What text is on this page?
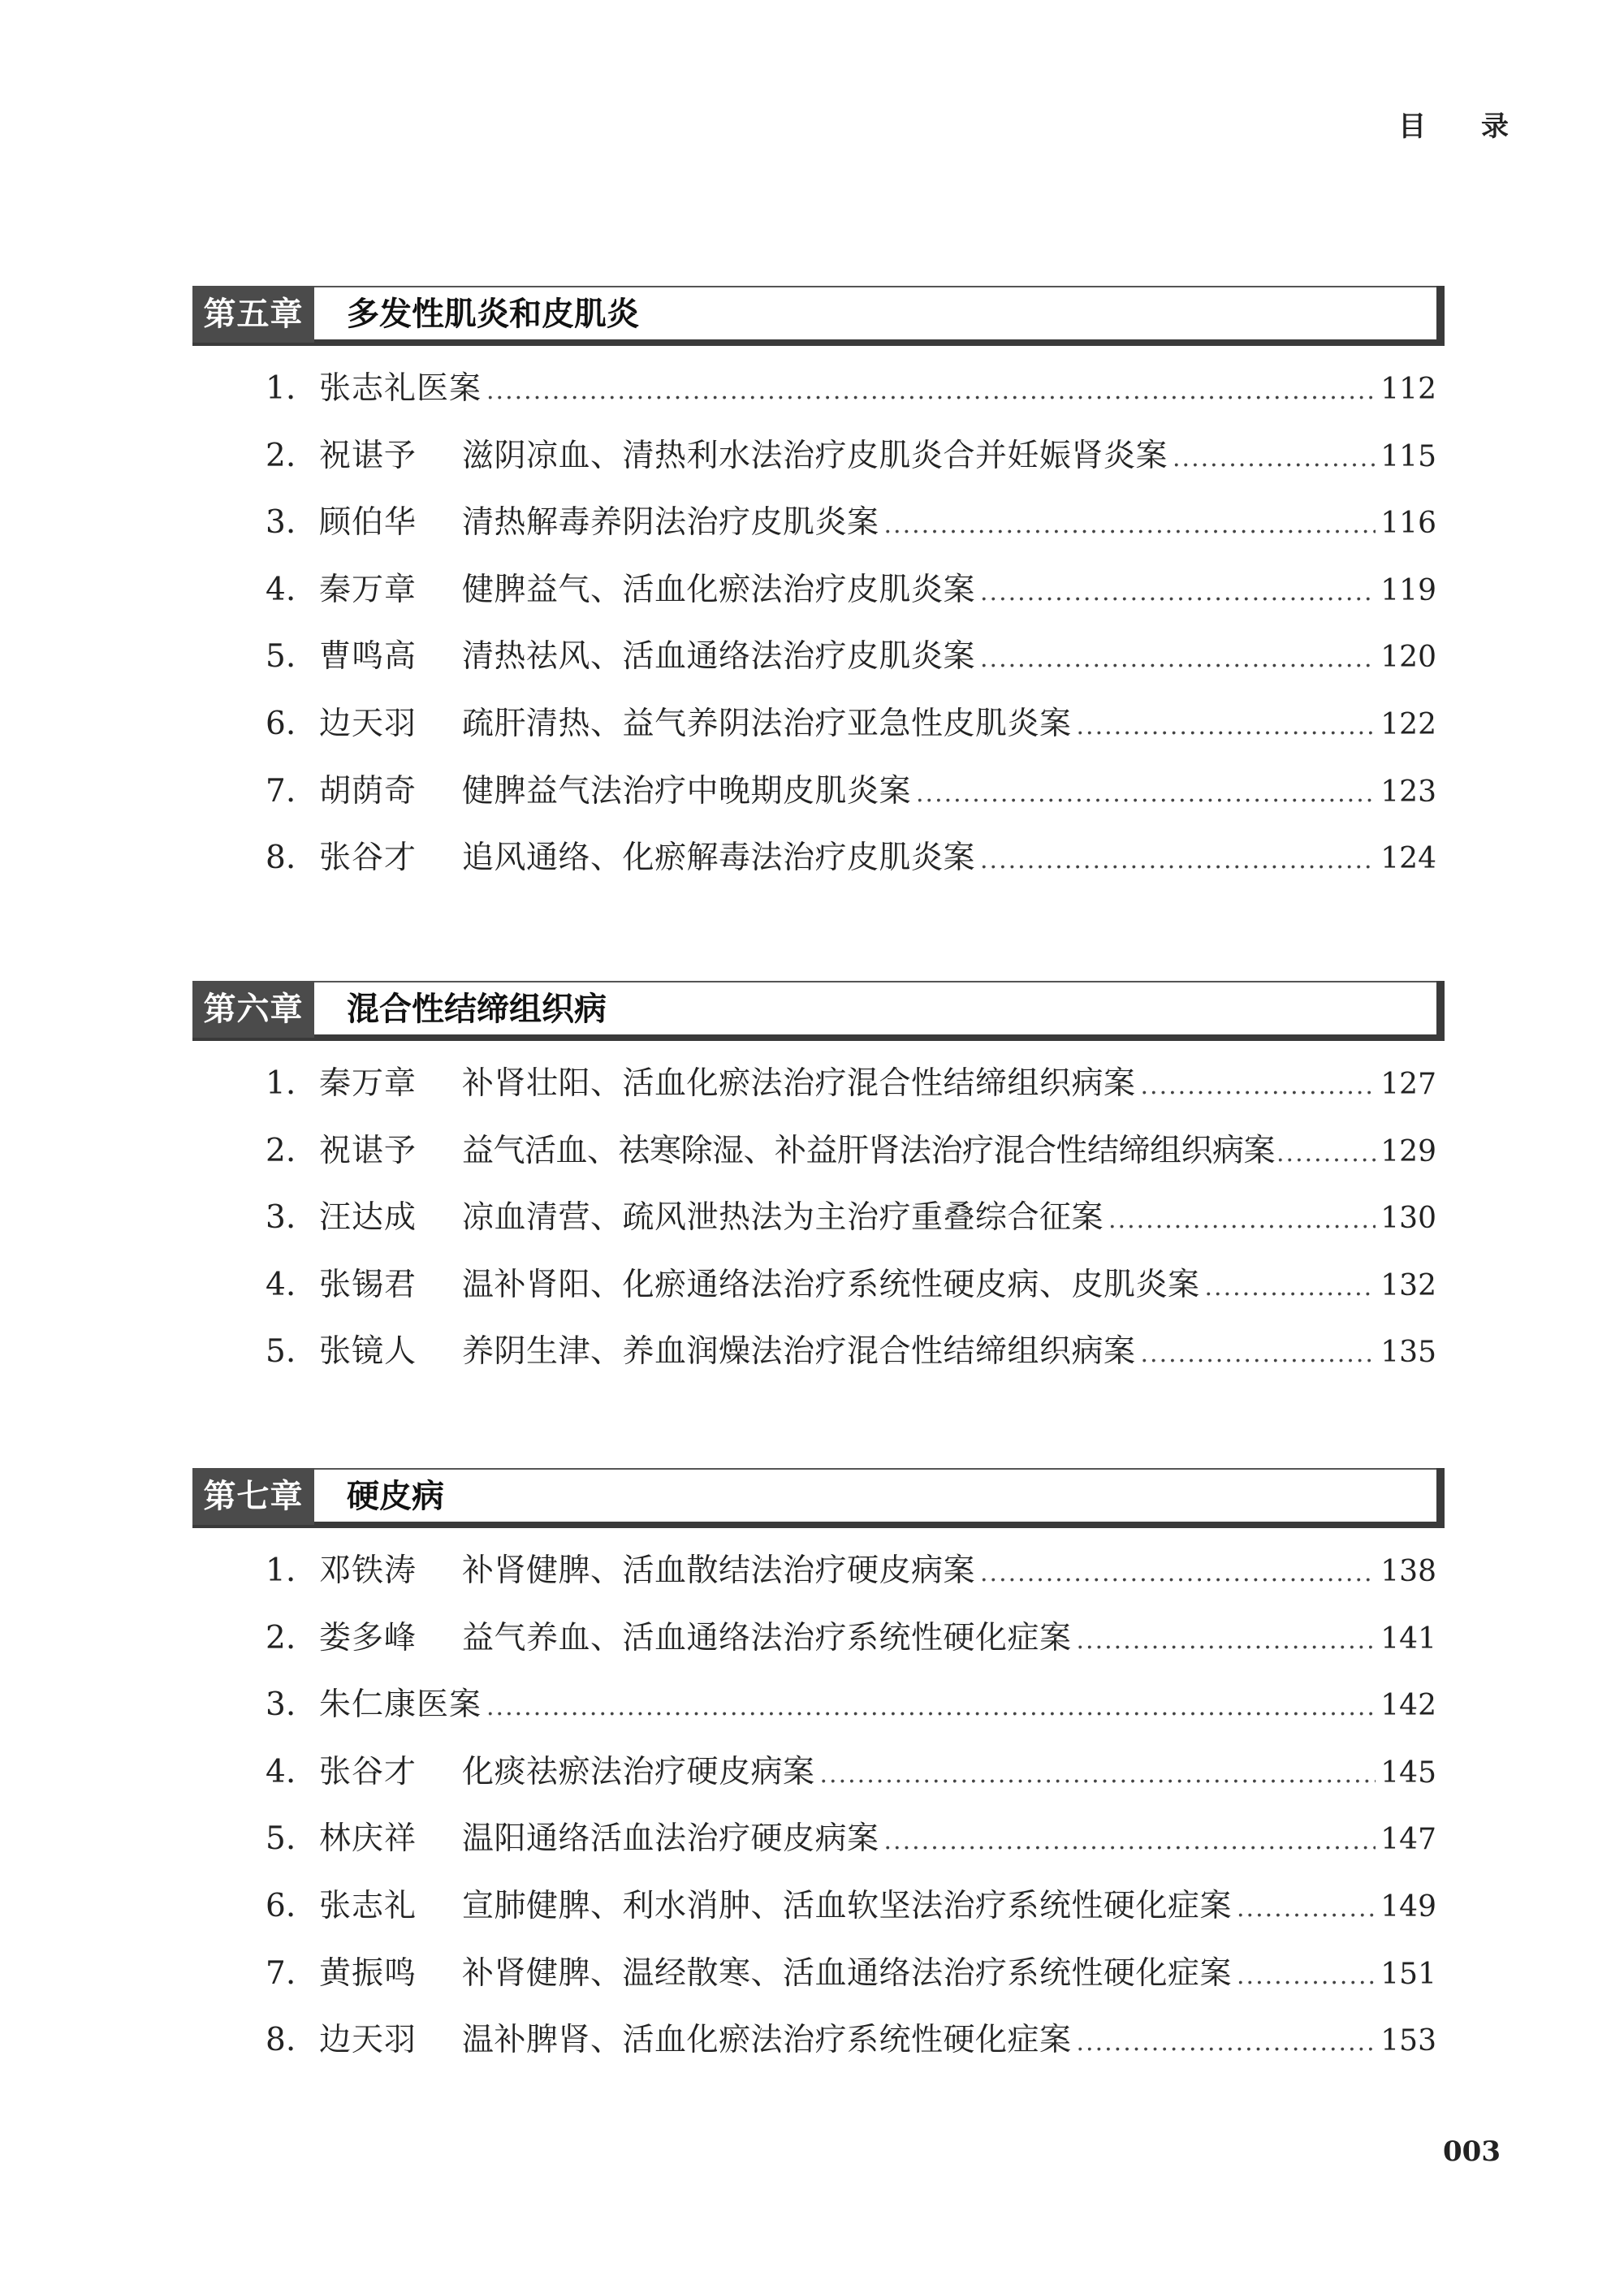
目 录
第五章	多发性肌炎和皮肌炎
1. 张志礼医案 .....	112
2. 祝谌予	滋阴凉血、清热利水法治疗皮肌炎合并妊娠肾炎案 .....	115
3. 顾伯华	清热解毒养阴法治疗皮肌炎案 .....	116
4. 秦万章	健脾益气、活血化瘀法治疗皮肌炎案 .....	119
5. 曹鸣高	清热祛风、活血通络法治疗皮肌炎案 .....	120
6. 边天羽	疏肝清热、益气养阴法治疗亚急性皮肌炎案 .....	122
7. 胡荫奇	健脾益气法治疗中晚期皮肌炎案 .....	123
8. 张谷才	追风通络、化瘀解毒法治疗皮肌炎案 .....	124
第六章	混合性结缔组织病
1. 秦万章	补肾壮阳、活血化瘀法治疗混合性结缔组织病案 .....	127
2. 祝谌予	益气活血、祛寒除湿、补益肝肾法治疗混合性结缔组织病案 .....	129
3. 汪达成	凉血清营、疏风泄热法为主治疗重叠综合征案 .....	130
4. 张锡君	温补肾阳、化瘀通络法治疗系统性硬皮病、皮肌炎案 .....	132
5. 张镜人	养阴生津、养血润燥法治疗混合性结缔组织病案 .....	135
第七章	硬皮病
1. 邓铁涛	补肾健脾、活血散结法治疗硬皮病案 .....	138
2. 娄多峰	益气养血、活血通络法治疗系统性硬化症案 .....	141
3. 朱仁康医案 .....	142
4. 张谷才	化痰祛瘀法治疗硬皮病案 .....	145
5. 林庆祥	温阳通络活血法治疗硬皮病案 .....	147
6. 张志礼	宣肺健脾、利水消肿、活血软坚法治疗系统性硬化症案 .....	149
7. 黄振鸣	补肾健脾、温经散寒、活血通络法治疗系统性硬化症案 .....	151
8. 边天羽	温补脾肾、活血化瘀法治疗系统性硬化症案 .....	153
003
